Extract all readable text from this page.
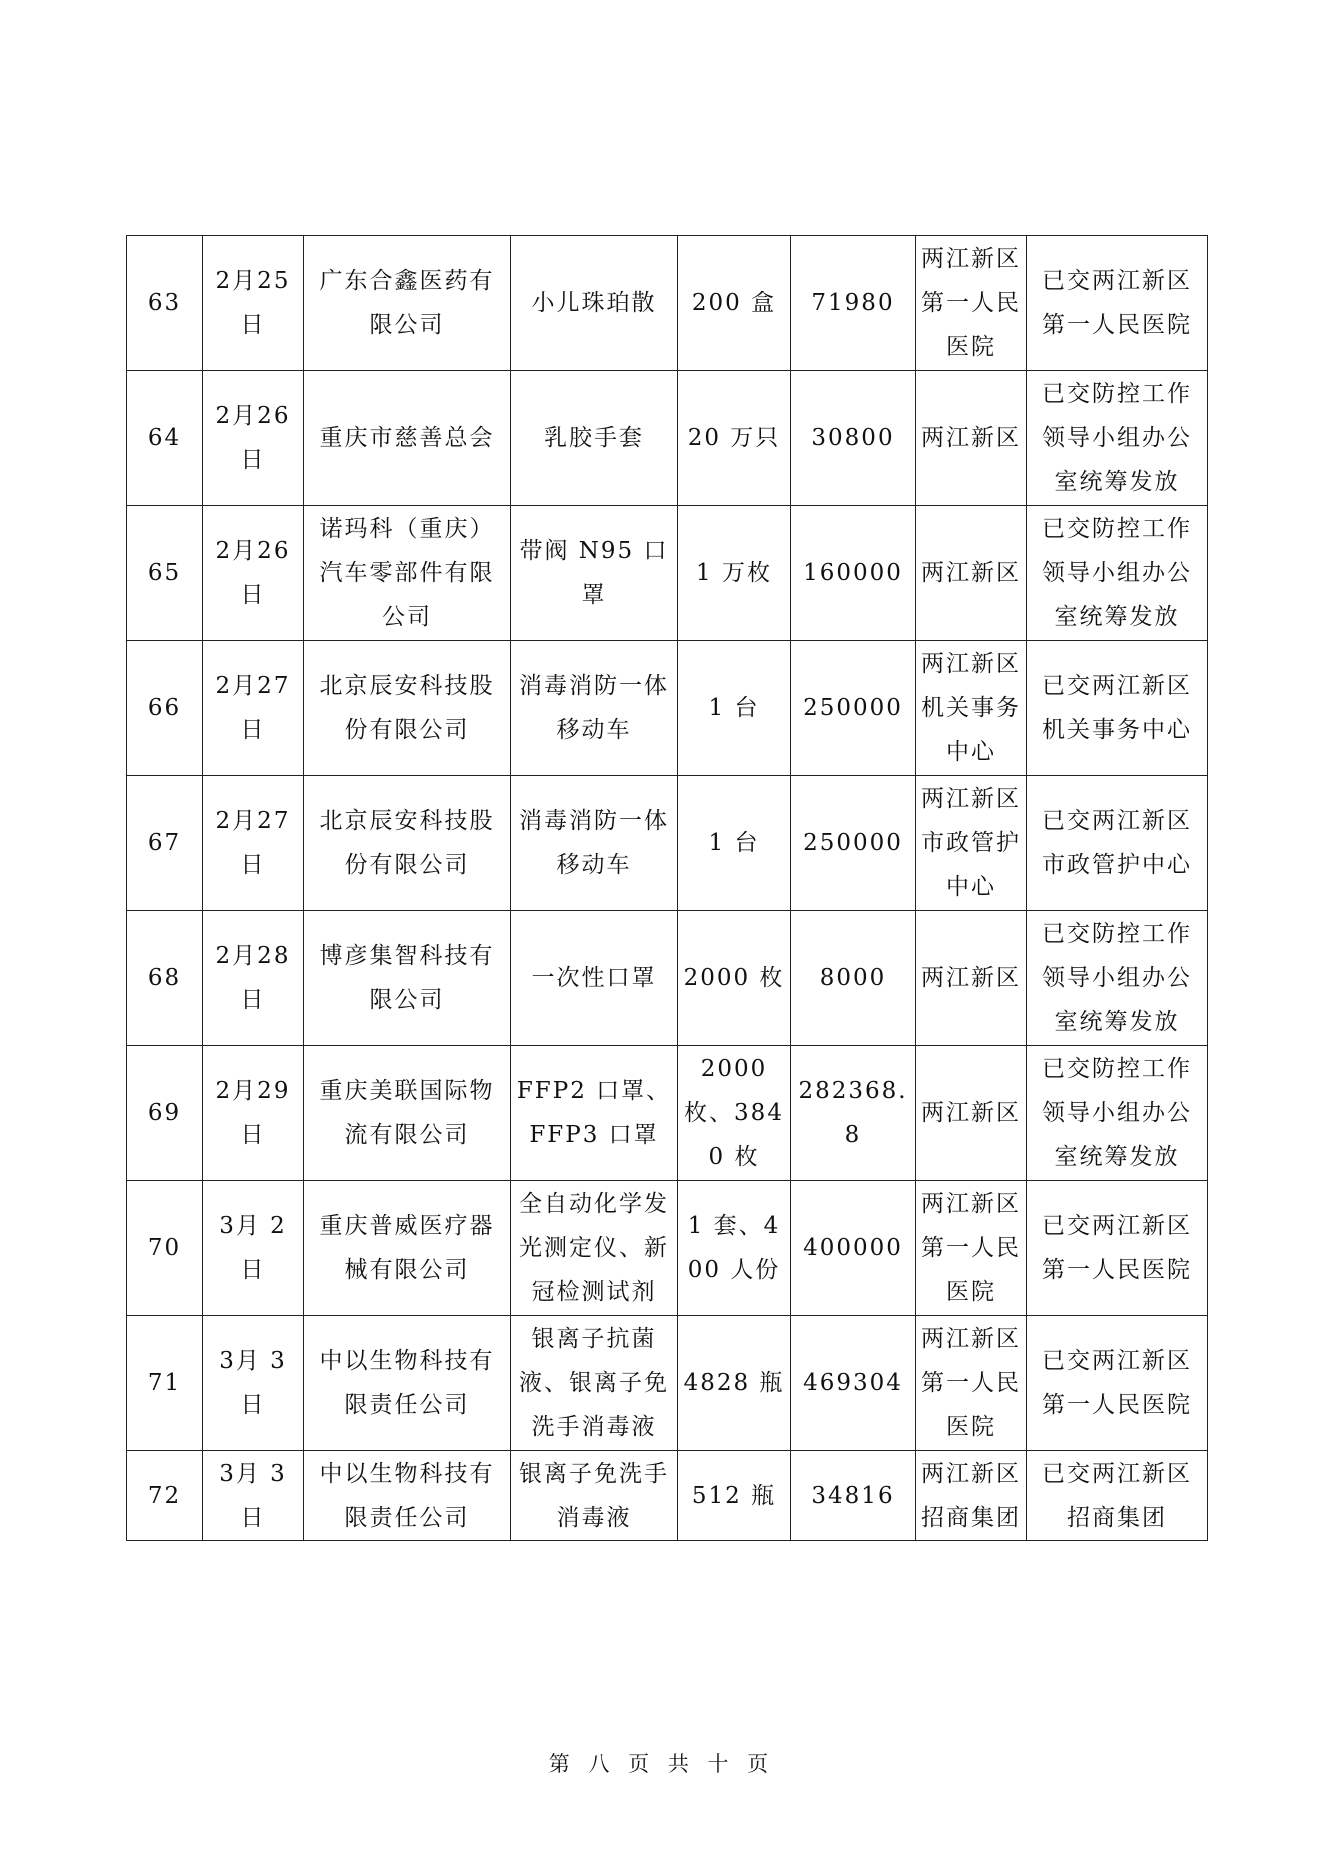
63	2月25日	广东合鑫医药有限公司	小儿珠珀散	200 盒	71980	两江新区第一人民医院	已交两江新区第一人民医院
64	2月26日	重庆市慈善总会	乳胶手套	20 万只	30800	两江新区	已交防控工作领导小组办公室统筹发放
65	2月26日	诺玛科（重庆）汽车零部件有限公司	带阀 N95 口罩	1 万枚	160000	两江新区	已交防控工作领导小组办公室统筹发放
66	2月27日	北京辰安科技股份有限公司	消毒消防一体移动车	1 台	250000	两江新区机关事务中心	已交两江新区机关事务中心
67	2月27日	北京辰安科技股份有限公司	消毒消防一体移动车	1 台	250000	两江新区市政管护中心	已交两江新区市政管护中心
68	2月28日	博彦集智科技有限公司	一次性口罩	2000 枚	8000	两江新区	已交防控工作领导小组办公室统筹发放
69	2月29日	重庆美联国际物流有限公司	FFP2 口罩、FFP3 口罩	2000 枚、3840 枚	282368.8	两江新区	已交防控工作领导小组办公室统筹发放
70	3月 2日	重庆普威医疗器械有限公司	全自动化学发光测定仪、新冠检测试剂	1 套、400 人份	400000	两江新区第一人民医院	已交两江新区第一人民医院
71	3月 3日	中以生物科技有限责任公司	银离子抗菌液、银离子免洗手消毒液	4828 瓶	469304	两江新区第一人民医院	已交两江新区第一人民医院
72	3月 3日	中以生物科技有限责任公司	银离子免洗手消毒液	512 瓶	34816	两江新区招商集团	已交两江新区招商集团
第 八 页 共 十 页
